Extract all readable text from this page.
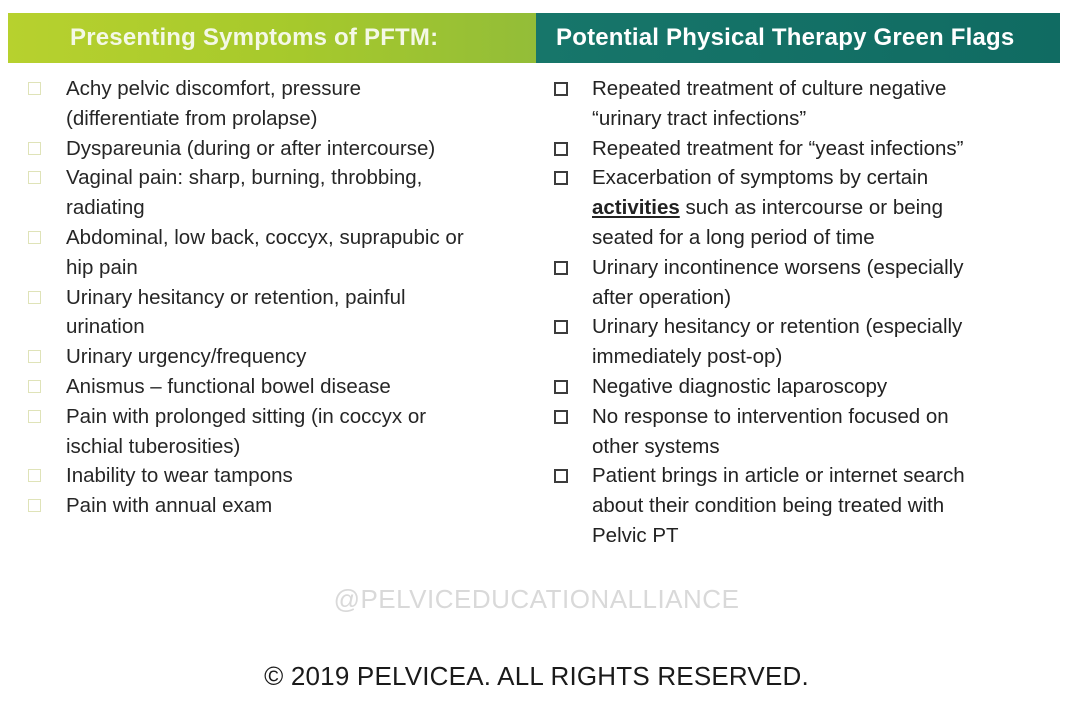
Presenting Symptoms of PFTM:	Potential Physical Therapy Green Flags
Achy pelvic discomfort, pressure
(differentiate from prolapse)
Dyspareunia (during or after intercourse)
Vaginal pain: sharp, burning, throbbing,
radiating
Abdominal, low back, coccyx, suprapubic or
hip pain
Urinary hesitancy or retention, painful
urination
Urinary urgency/frequency
Anismus – functional bowel disease
Pain with prolonged sitting (in coccyx or
ischial tuberosities)
Inability to wear tampons
Pain with annual exam
Repeated treatment of culture negative
“urinary tract infections”
Repeated treatment for “yeast infections”
Exacerbation of symptoms by certain
activities such as intercourse or being
seated for a long period of time
Urinary incontinence worsens (especially
after operation)
Urinary hesitancy or retention (especially
immediately post-op)
Negative diagnostic laparoscopy
No response to intervention focused on
other systems
Patient brings in article or internet search
about their condition being treated with
Pelvic PT
@PELVICEDUCATIONALLIANCE
© 2019 PELVICEA. ALL RIGHTS RESERVED.
